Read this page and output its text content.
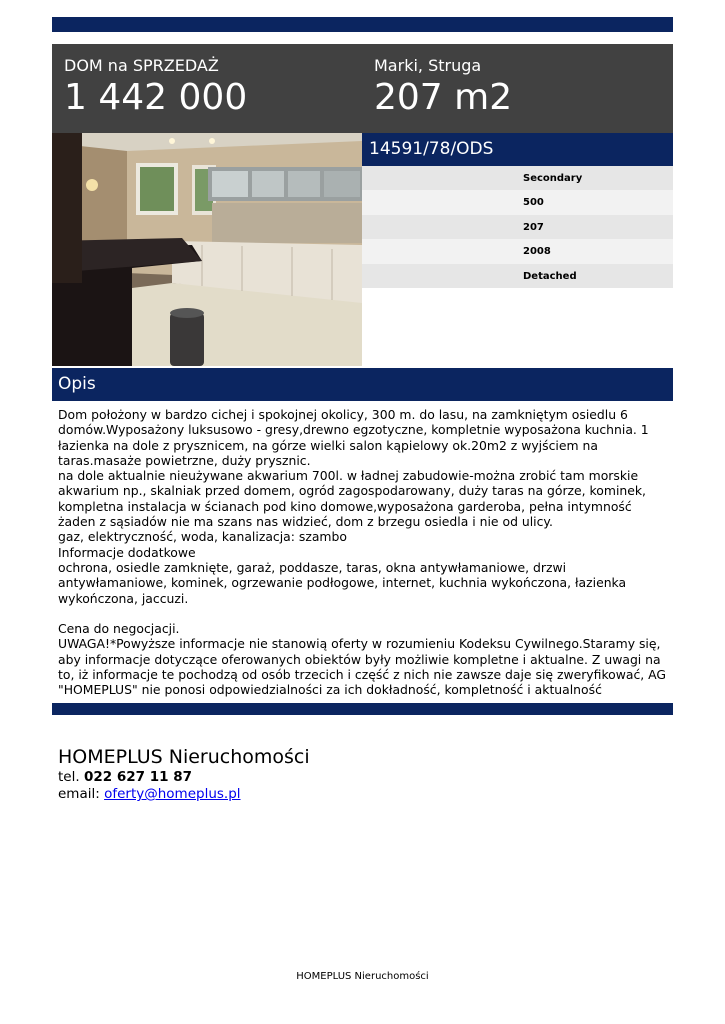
DOM na SPRZEDAŻ
1 442 000
Marki, Struga
207 m2
14591/78/ODS
Secondary
500
207
2008
Detached
Opis

Dom położony w bardzo cichej i spokojnej okolicy, 300 m. do lasu, na zamkniętym osiedlu 6 domów.Wyposażony luksusowo - gresy,drewno egzotyczne, kompletnie wyposażona kuchnia. 1 łazienka na dole z prysznicem, na górze wielki salon kąpielowy ok.20m2 z wyjściem na taras.masaże powietrzne, duży prysznic.
na dole aktualnie nieużywane akwarium 700l. w ładnej zabudowie-można zrobić tam morskie akwarium np., skalniak przed domem, ogród zagospodarowany, duży taras na górze, kominek, kompletna instalacja w ścianach pod kino domowe,wyposażona garderoba, pełna intymność żaden z sąsiadów nie ma szans nas widzieć, dom z brzegu osiedla i nie od ulicy.
gaz, elektryczność, woda, kanalizacja: szambo
Informacje dodatkowe
ochrona, osiedle zamknięte, garaż, poddasze, taras, okna antywłamaniowe, drzwi antywłamaniowe, kominek, ogrzewanie podłogowe, internet, kuchnia wykończona, łazienka wykończona, jaccuzi.

Cena do negocjacji.
UWAGA!*Powyższe informacje nie stanowią oferty w rozumieniu Kodeksu Cywilnego.Staramy się, aby informacje dotyczące oferowanych obiektów były możliwie kompletne i aktualne. Z uwagi na to, iż informacje te pochodzą od osób trzecich i część z nich nie zawsze daje się zweryfikować, AG "HOMEPLUS" nie ponosi odpowiedzialności za ich dokładność, kompletność i aktualność

HOMEPLUS Nieruchomości
tel. 022 627 11 87
email: oferty@homeplus.pl
HOMEPLUS Nieruchomości
